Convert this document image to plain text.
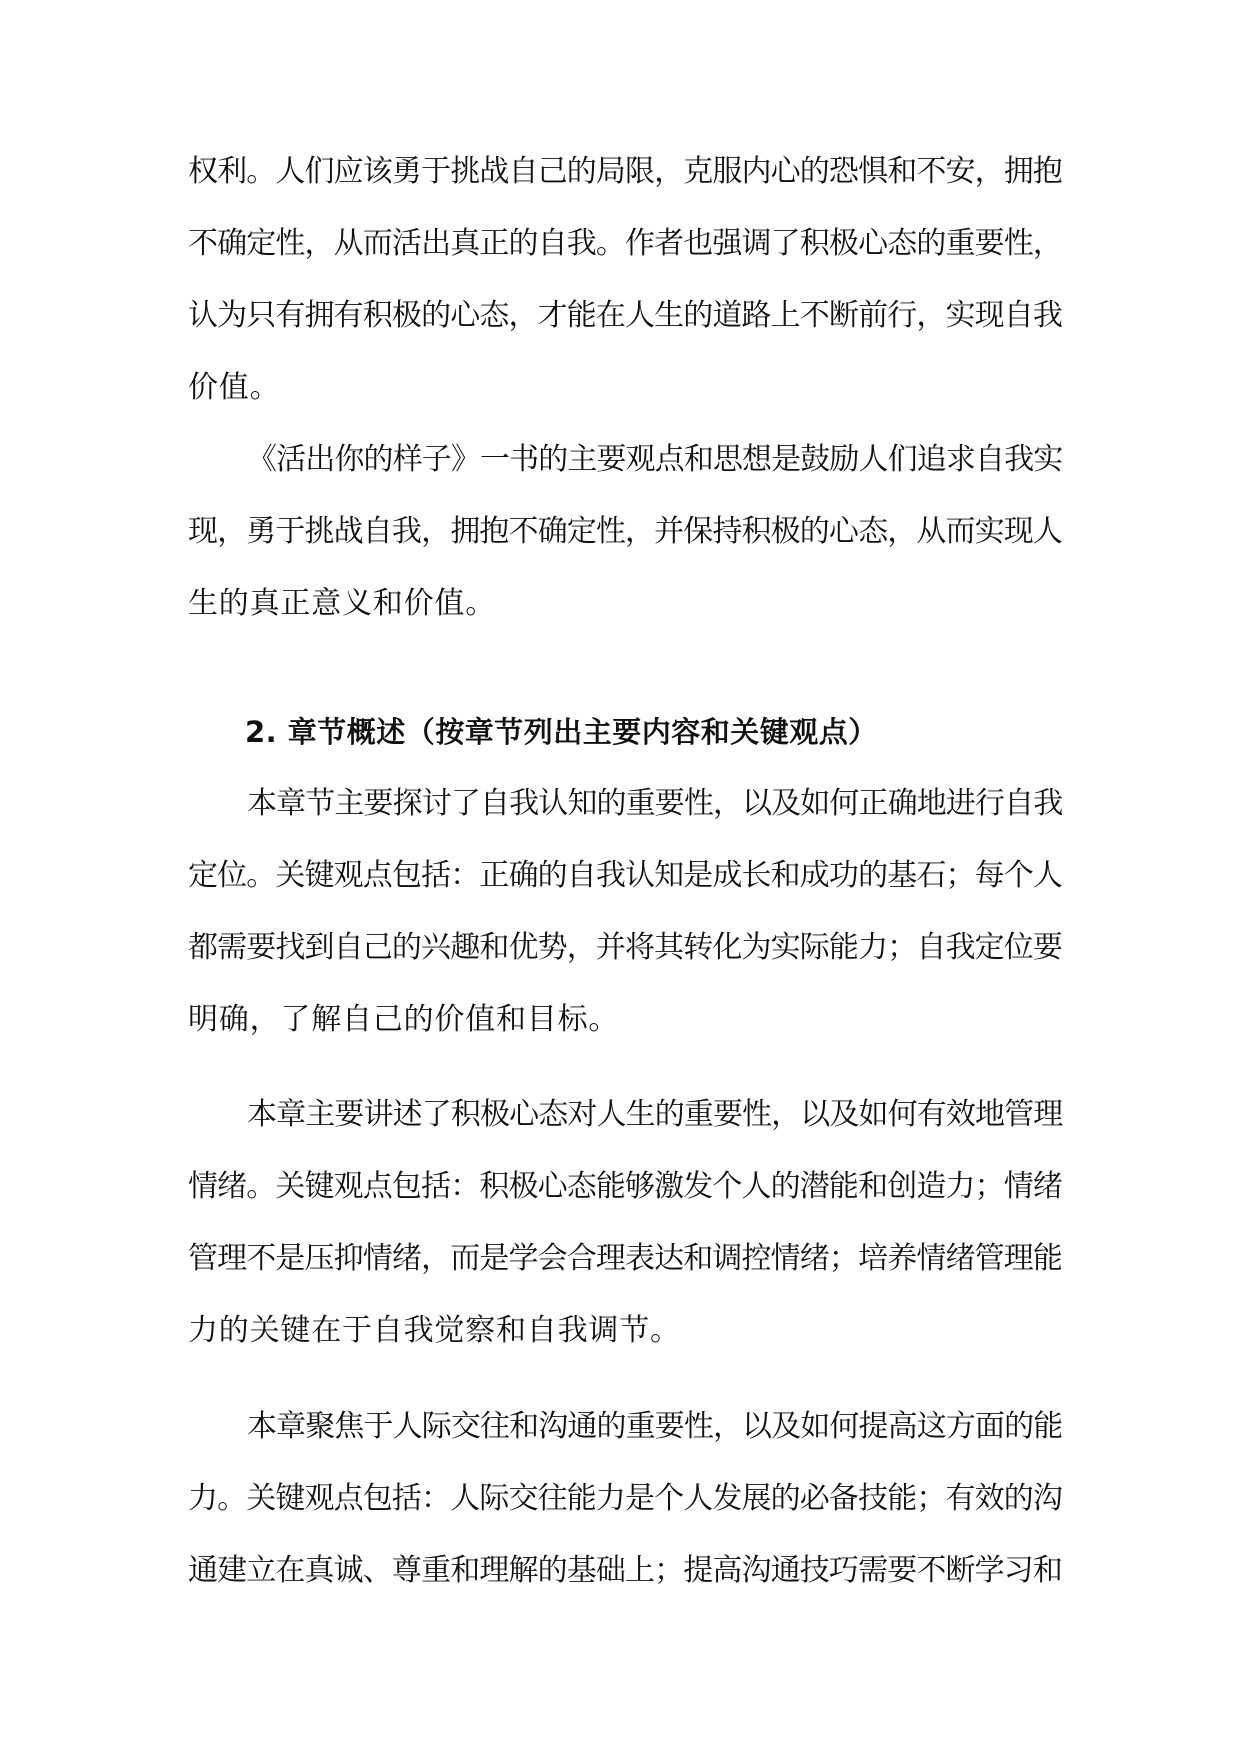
权利。人们应该勇于挑战自己的局限，克服内心的恐惧和不安，拥抱
不确定性，从而活出真正的自我。作者也强调了积极心态的重要性，
认为只有拥有积极的心态，才能在人生的道路上不断前行，实现自我
价值。
《活出你的样子》一书的主要观点和思想是鼓励人们追求自我实
现，勇于挑战自我，拥抱不确定性，并保持积极的心态，从而实现人
生的真正意义和价值。
2. 章节概述（按章节列出主要内容和关键观点）
本章节主要探讨了自我认知的重要性，以及如何正确地进行自我
定位。关键观点包括：正确的自我认知是成长和成功的基石；每个人
都需要找到自己的兴趣和优势，并将其转化为实际能力；自我定位要
明确，了解自己的价值和目标。
本章主要讲述了积极心态对人生的重要性，以及如何有效地管理
情绪。关键观点包括：积极心态能够激发个人的潜能和创造力；情绪
管理不是压抑情绪，而是学会合理表达和调控情绪；培养情绪管理能
力的关键在于自我觉察和自我调节。
本章聚焦于人际交往和沟通的重要性，以及如何提高这方面的能
力。关键观点包括：人际交往能力是个人发展的必备技能；有效的沟
通建立在真诚、尊重和理解的基础上；提高沟通技巧需要不断学习和
